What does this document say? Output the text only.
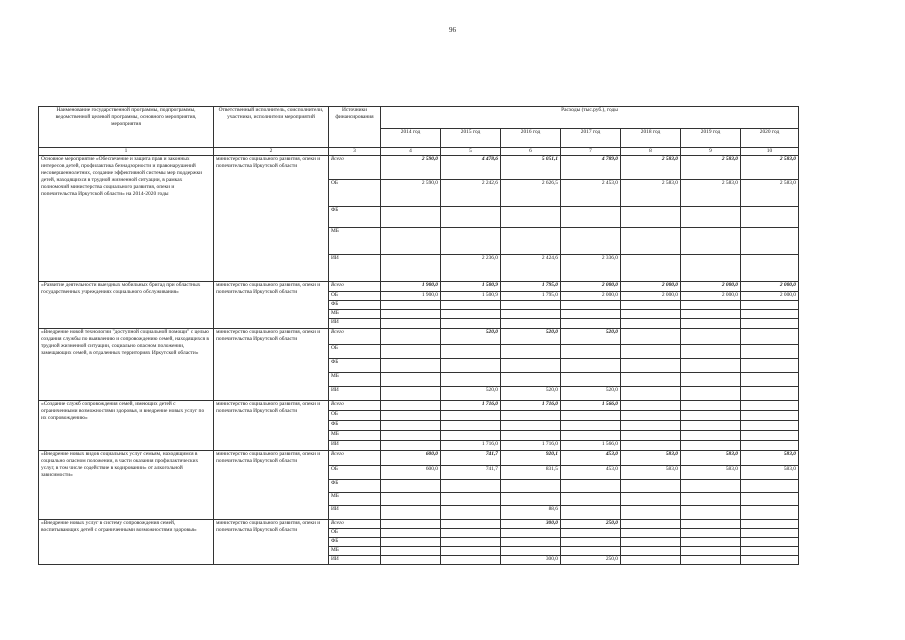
96
Наименование государственной программы, подпрограммы, ведомственной целевой программы, основного мероприятия, мероприятия	Ответственный исполнитель, соисполнители, участники, исполнители мероприятий	Источники финансирования	Расходы (тыс.руб.), годы						
			2014 год	2015 год	2016 год	2017 год	2018 год	2019 год	2020 год
1	2	3	4	5	6	7	8	9	10
Основное мероприятие «Обеспечение и защита прав и законных интересов детей, профилактика безнадзорности и правонарушений несовершеннолетних, создание эффективной системы мер поддержки детей, находящихся в трудной жизненной ситуации, в рамках полномочий министерства социального развития, опеки и попечительства Иркутской области» на 2014-2020 годы	министерство социального развития, опеки и попечительства Иркутской области	Всего	2 590,0	4 478,6	5 051,1	4 789,0	2 583,0	2 583,0	2 583,0
		ОБ	2 590,0	2 242,6	2 626,5	2 453,0	2 583,0	2 583,0	2 583,0
		ФБ							
		МБ							
		ИИ		2 236,0	2 424,6	2 336,0			
«Развитие деятельности выездных мобильных бригад при областных государственных учреждениях социального обслуживания»	министерство социального развития, опеки и попечительства Иркутской области	Всего	1 900,0	1 500,9	1 795,0	2 000,0	2 000,0	2 000,0	2 000,0
		ОБ	1 900,0	1 500,9	1 795,0	2 000,0	2 000,0	2 000,0	2 000,0
		ФБ							
		МБ							
		ИИ							
«Внедрение новой технологии "доступной социальной помощи" с целью создания службы по выявлению и сопровождению семей, находящихся в трудной жизненной ситуации, социально опасном положении, замещающих семей, в отдаленных территориях Иркутской области»	министерство социального развития, опеки и попечительства Иркутской области	Всего		520,0	520,0	520,0			
		ОБ							
		ФБ							
		МБ							
		ИИ		520,0	520,0	520,0			
«Создание служб сопровождения семей, имеющих детей с ограниченными возможностями здоровья, и внедрение новых услуг по их сопровождению»	министерство социального развития, опеки и попечительства Иркутской области	Всего		1 716,0	1 716,0	1 566,0			
		ОБ							
		ФБ							
		МБ							
		ИИ		1 716,0	1 716,0	1 566,0			
«Внедрение новых видов социальных услуг семьям, находящимся в социально опасном положении, в части оказания профилактических услуг, в том числе содействие в кодировании» от алкогольной зависимости»	министерство социального развития, опеки и попечительства Иркутской области	Всего	600,0	741,7	920,1	453,0	583,0	583,0	583,0
		ОБ	600,0	741,7	831,5	453,0	583,0	583,0	583,0
		ФБ							
		МБ							
		ИИ			88,6				
«Внедрение новых услуг в систему сопровождения семей, воспитывающих детей с ограниченными возможностями здоровья»	министерство социального развития, опеки и попечительства Иркутской области	Всего			300,0	250,0			
		ОБ							
		ФБ							
		МБ							
		ИИ			300,0	250,0			
